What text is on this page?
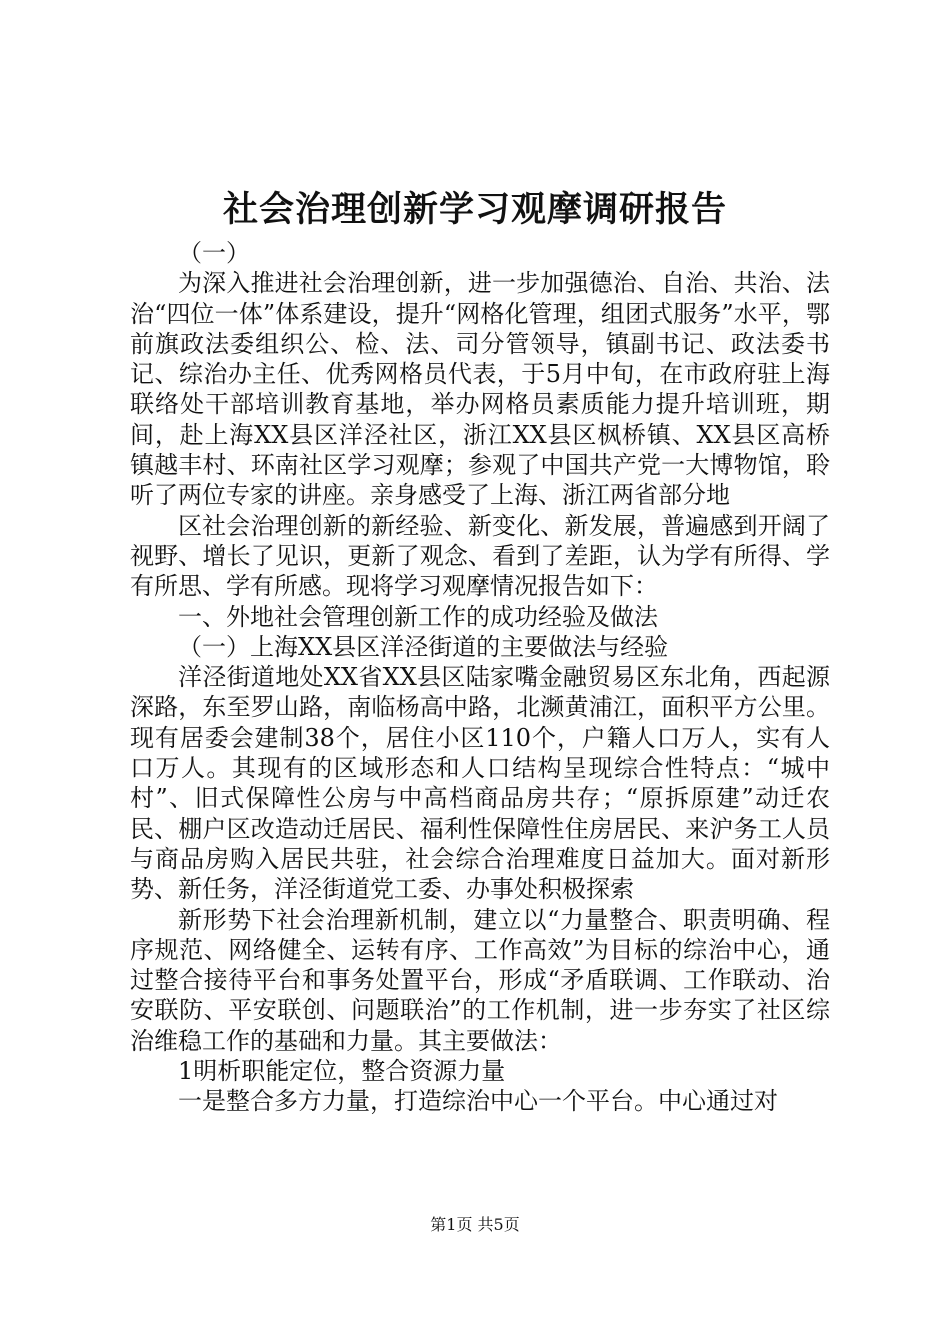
社会治理创新学习观摩调研报告

（一）

为深入推进社会治理创新，进一步加强德治、自治、共治、法治“四位一体”体系建设，提升“网格化管理，组团式服务”水平，鄂前旗政法委组织公、检、法、司分管领导，镇副书记、政法委书记、综治办主任、优秀网格员代表，于5月中旬，在市政府驻上海联络处干部培训教育基地，举办网格员素质能力提升培训班，期间，赴上海XX县区洋泾社区，浙江XX县区枫桥镇、XX县区高桥镇越丰村、环南社区学习观摩；参观了中国共产党一大博物馆，聆听了两位专家的讲座。亲身感受了上海、浙江两省部分地

区社会治理创新的新经验、新变化、新发展，普遍感到开阔了视野、增长了见识，更新了观念、看到了差距，认为学有所得、学有所思、学有所感。现将学习观摩情况报告如下：

一、外地社会管理创新工作的成功经验及做法

（一）上海XX县区洋泾街道的主要做法与经验

洋泾街道地处XX省XX县区陆家嘴金融贸易区东北角，西起源深路，东至罗山路，南临杨高中路，北濒黄浦江，面积平方公里。现有居委会建制38个，居住小区110个，户籍人口万人，实有人口万人。其现有的区域形态和人口结构呈现综合性特点：“城中村”、旧式保障性公房与中高档商品房共存；“原拆原建”动迁农民、棚户区改造动迁居民、福利性保障性住房居民、来沪务工人员与商品房购入居民共驻，社会综合治理难度日益加大。面对新形势、新任务，洋泾街道党工委、办事处积极探索

新形势下社会治理新机制，建立以“力量整合、职责明确、程序规范、网络健全、运转有序、工作高效”为目标的综治中心，通过整合接待平台和事务处置平台，形成“矛盾联调、工作联动、治安联防、平安联创、问题联治”的工作机制，进一步夯实了社区综治维稳工作的基础和力量。其主要做法：

1明析职能定位，整合资源力量

一是整合多方力量，打造综治中心一个平台。中心通过对

第1页 共5页
